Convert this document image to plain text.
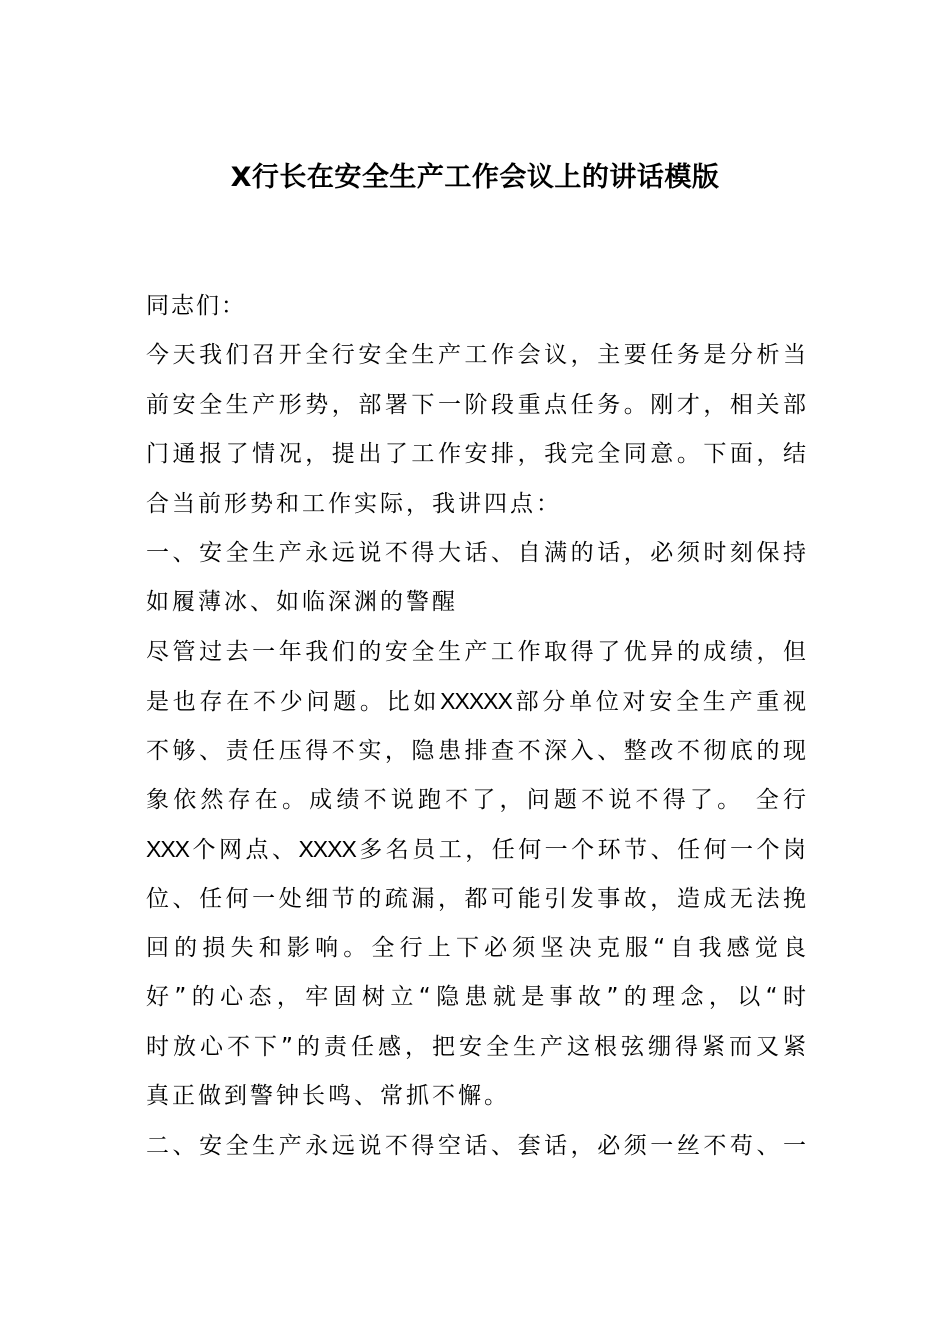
X行长在安全生产工作会议上的讲话模版
同志们：
今天我们召开全行安全生产工作会议，主要任务是分析当
前安全生产形势，部署下一阶段重点任务。刚才，相关部
门通报了情况，提出了工作安排，我完全同意。下面，结
合当前形势和工作实际，我讲四点：
一、安全生产永远说不得大话、自满的话，必须时刻保持
如履薄冰、如临深渊的警醒
尽管过去一年我们的安全生产工作取得了优异的成绩，但
是也存在不少问题。比如XXXXX部分单位对安全生产重视
不够、责任压得不实，隐患排查不深入、整改不彻底的现
象依然存在。成绩不说跑不了，问题不说不得了。 全行
XXX个网点、XXXX多名员工，任何一个环节、任何一个岗
位、任何一处细节的疏漏，都可能引发事故，造成无法挽
回的损失和影响。全行上下必须坚决克服“自我感觉良
好”的心态，牢固树立“隐患就是事故”的理念，以“时
时放心不下”的责任感，把安全生产这根弦绷得紧而又紧
真正做到警钟长鸣、常抓不懈。
二、安全生产永远说不得空话、套话，必须一丝不苟、一
